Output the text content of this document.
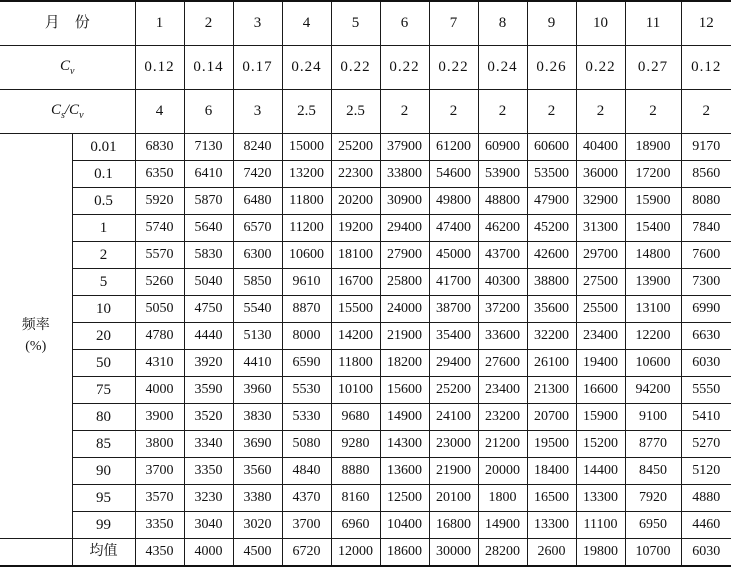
月    份		1	2	3	4	5	6	7	8	9	10	11	12
$C_v$		0.12	0.14	0.17	0.24	0.22	0.22	0.22	0.24	0.26	0.22	0.27	0.12
$C_s/C_v$		4	6	3	2.5	2.5	2	2	2	2	2	2	2

频率
(%)	0.01	6830	7130	8240	15000	25200	37900	61200	60900	60600	40400	18900	9170
	0.1	6350	6410	7420	13200	22300	33800	54600	53900	53500	36000	17200	8560
	0.5	5920	5870	6480	11800	20200	30900	49800	48800	47900	32900	15900	8080
	1	5740	5640	6570	11200	19200	29400	47400	46200	45200	31300	15400	7840
	2	5570	5830	6300	10600	18100	27900	45000	43700	42600	29700	14800	7600
	5	5260	5040	5850	9610	16700	25800	41700	40300	38800	27500	13900	7300
	10	5050	4750	5540	8870	15500	24000	38700	37200	35600	25500	13100	6990
	20	4780	4440	5130	8000	14200	21900	35400	33600	32200	23400	12200	6630
	50	4310	3920	4410	6590	11800	18200	29400	27600	26100	19400	10600	6030
	75	4000	3590	3960	5530	10100	15600	25200	23400	21300	16600	94200	5550
	80	3900	3520	3830	5330	9680	14900	24100	23200	20700	15900	9100	5410
	85	3800	3340	3690	5080	9280	14300	23000	21200	19500	15200	8770	5270
	90	3700	3350	3560	4840	8880	13600	21900	20000	18400	14400	8450	5120
	95	3570	3230	3380	4370	8160	12500	20100	1800	16500	13300	7920	4880
	99	3350	3040	3020	3700	6960	10400	16800	14900	13300	11100	6950	4460
	均值	4350	4000	4500	6720	12000	18600	30000	28200	2600	19800	10700	6030
